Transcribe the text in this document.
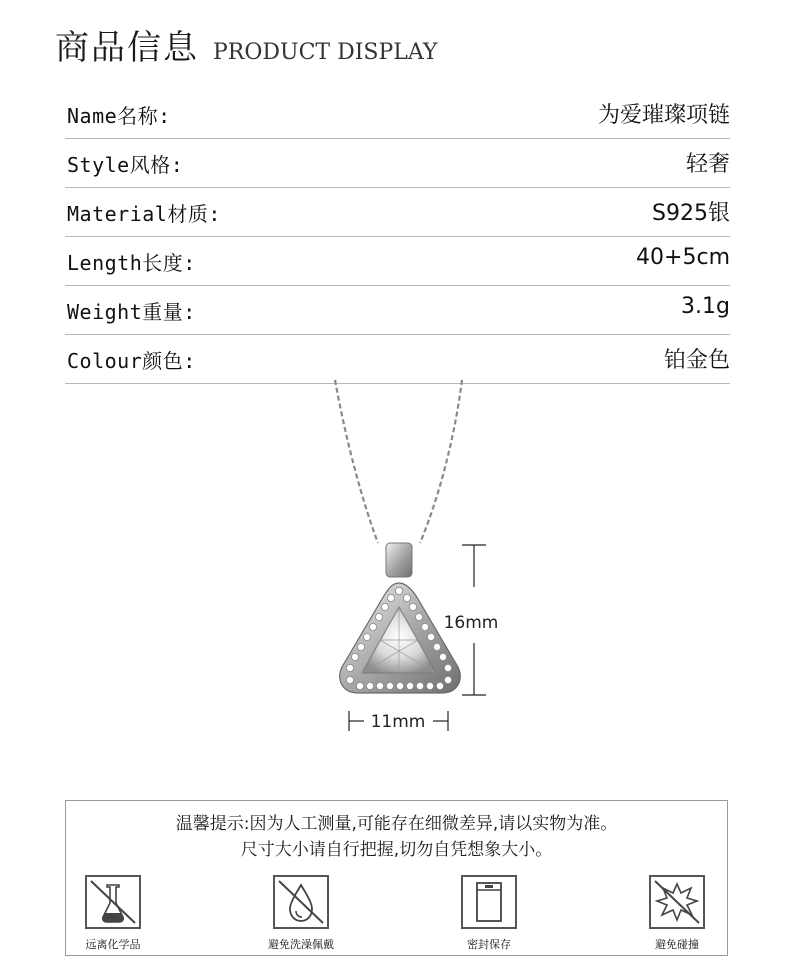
商品信息 PRODUCT DISPLAY
Name名称:	为爱璀璨项链
Style风格:	轻奢
Material材质:	S925银
Length长度:	40+5cm
Weight重量:	3.1g
Colour颜色:	铂金色
16mm
11mm
温馨提示:因为人工测量,可能存在细微差异,请以实物为准。
尺寸大小请自行把握,切勿自凭想象大小。
远离化学品	避免洗澡佩戴	密封保存	避免碰撞
